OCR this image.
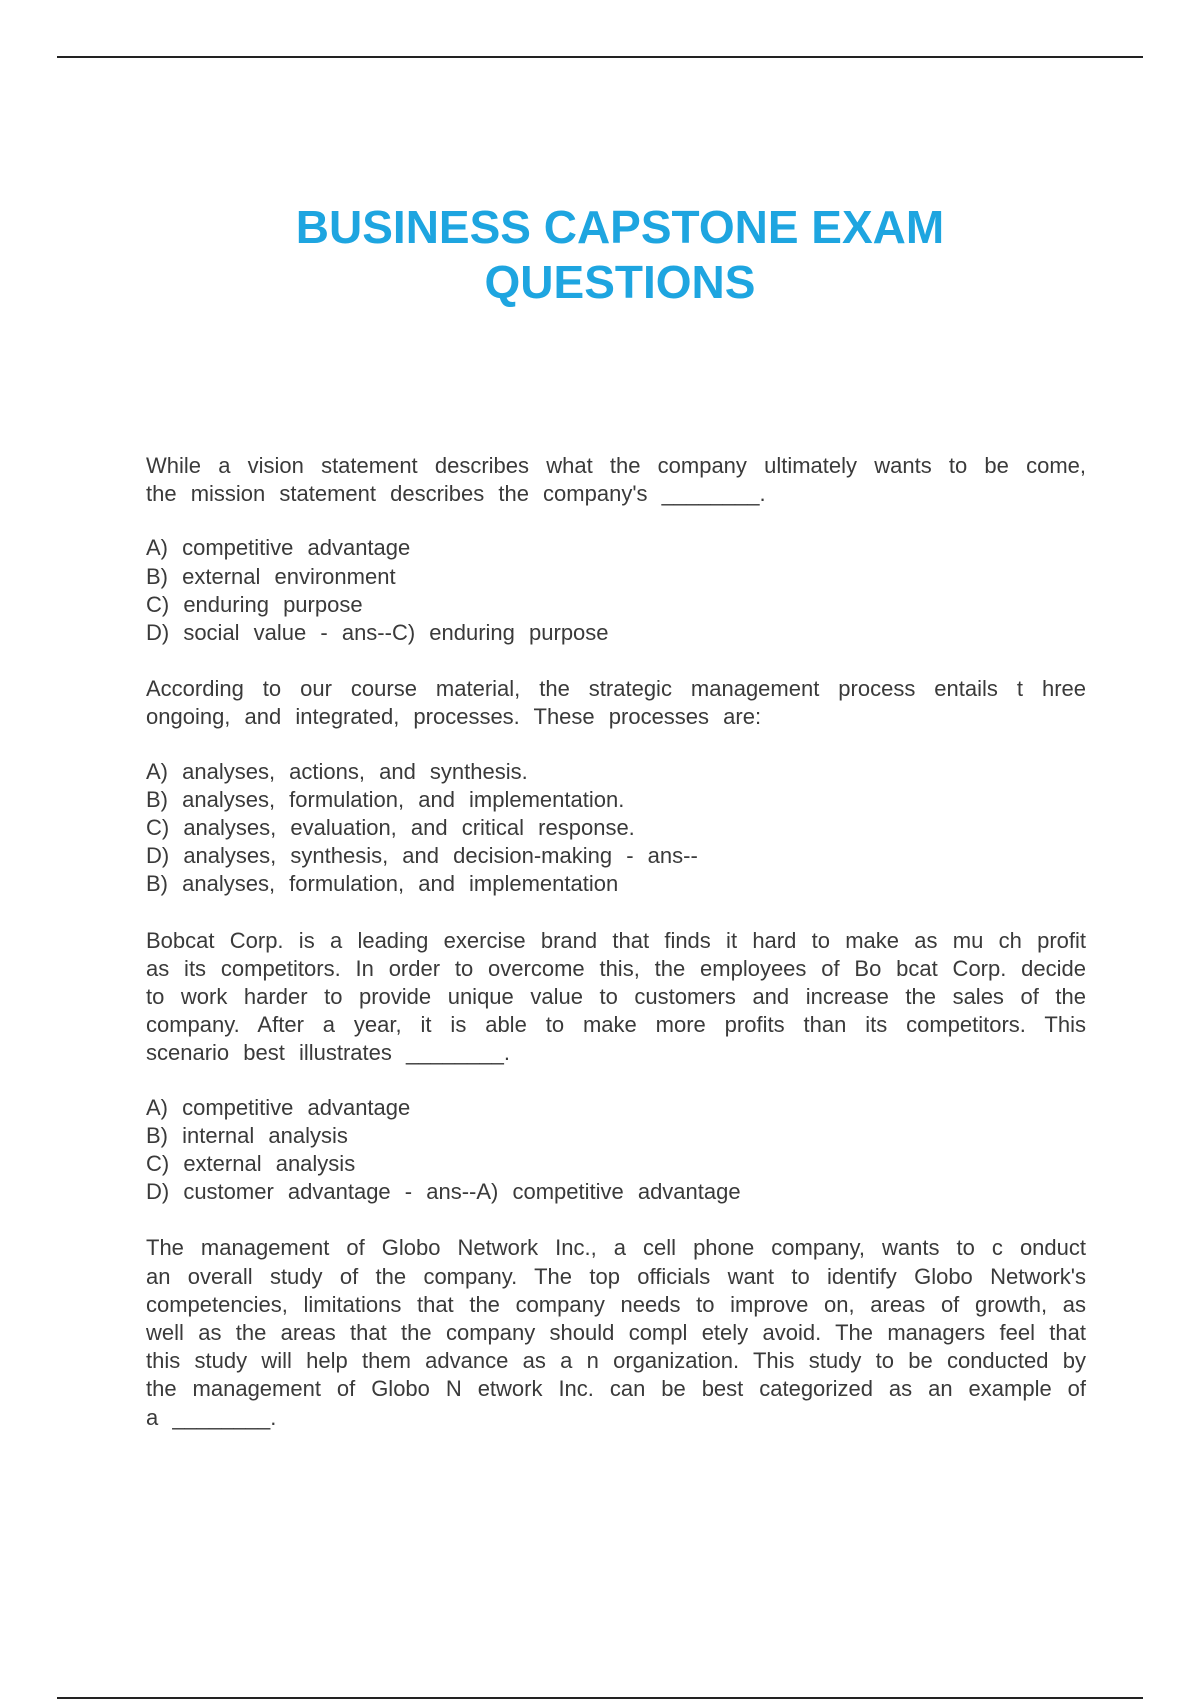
BUSINESS CAPSTONE EXAM
QUESTIONS

While a vision statement describes what the company ultimately wants to be come, the mission statement describes the company's ________.

A) competitive advantage
B) external environment
C) enduring purpose
D) social value - ans--C) enduring purpose

According to our course material, the strategic management process entails t hree ongoing, and integrated, processes. These processes are:

A) analyses, actions, and synthesis.
B) analyses, formulation, and implementation.
C) analyses, evaluation, and critical response.
D) analyses, synthesis, and decision-making - ans--
B) analyses, formulation, and implementation

Bobcat Corp. is a leading exercise brand that finds it hard to make as mu ch profit as its competitors. In order to overcome this, the employees of Bo bcat Corp. decide to work harder to provide unique value to customers and increase the sales of the company. After a year, it is able to make more profits than its competitors. This scenario best illustrates ________.

A) competitive advantage
B) internal analysis
C) external analysis
D) customer advantage - ans--A) competitive advantage

The management of Globo Network Inc., a cell phone company, wants to c onduct an overall study of the company. The top officials want to identify Globo Network's competencies, limitations that the company needs to improve on, areas of growth, as well as the areas that the company should compl etely avoid. The managers feel that this study will help them advance as a n organization. This study to be conducted by the management of Globo N etwork Inc. can be best categorized as an example of a ________.
